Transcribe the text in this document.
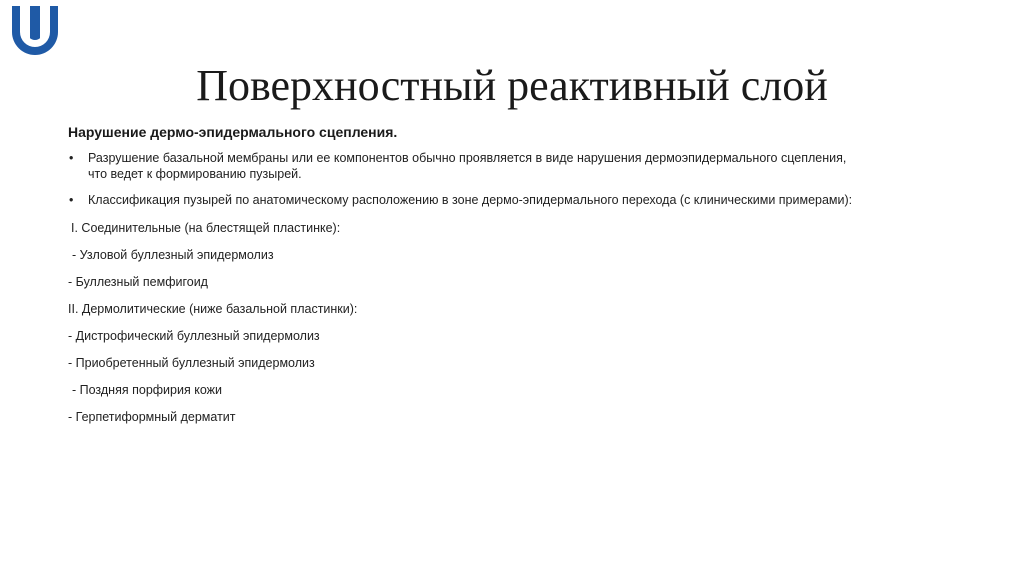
Поверхностный реактивный слой
Нарушение дермо-эпидермального сцепления.
• Разрушение базальной мембраны или ее компонентов обычно проявляется в виде нарушения дермоэпидермального сцепления,
что ведет к формированию пузырей.
• Классификация пузырей по анатомическому расположению в зоне дермо-эпидермального перехода (с клиническими примерами):
I. Соединительные (на блестящей пластинке):
- Узловой буллезный эпидермолиз
- Буллезный пемфигоид
II. Дермолитические (ниже базальной пластинки):
- Дистрофический буллезный эпидермолиз
- Приобретенный буллезный эпидермолиз
- Поздняя порфирия кожи
- Герпетиформный дерматит
